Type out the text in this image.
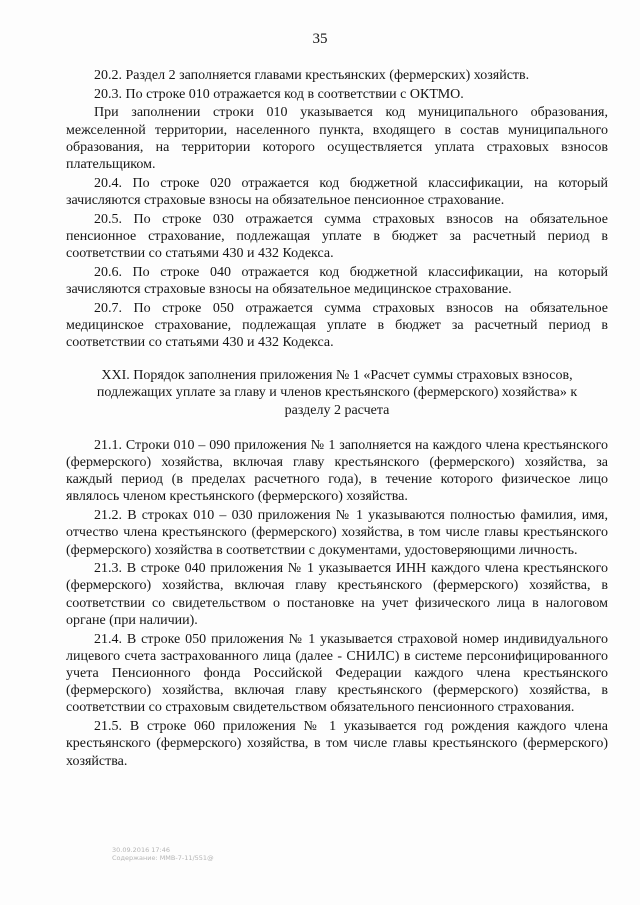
35

20.2. Раздел 2 заполняется главами крестьянских (фермерских) хозяйств.

20.3. По строке 010 отражается код в соответствии с ОКТМО.

При заполнении строки 010 указывается код муниципального образования, межселенной территории, населенного пункта, входящего в состав муниципального образования, на территории которого осуществляется уплата страховых взносов плательщиком.

20.4. По строке 020 отражается код бюджетной классификации, на который зачисляются страховые взносы на обязательное пенсионное страхование.

20.5. По строке 030 отражается сумма страховых взносов на обязательное пенсионное страхование, подлежащая уплате в бюджет за расчетный период в соответствии со статьями 430 и 432 Кодекса.

20.6. По строке 040 отражается код бюджетной классификации, на который зачисляются страховые взносы на обязательное медицинское страхование.

20.7. По строке 050 отражается сумма страховых взносов на обязательное медицинское страхование, подлежащая уплате в бюджет за расчетный период в соответствии со статьями 430 и 432 Кодекса.

XXI. Порядок заполнения приложения № 1 «Расчет суммы страховых взносов,
подлежащих уплате за главу и членов крестьянского (фермерского) хозяйства» к
разделу 2 расчета

21.1. Строки 010 – 090 приложения № 1 заполняется на каждого члена крестьянского (фермерского) хозяйства, включая главу крестьянского (фермерского) хозяйства, за каждый период (в пределах расчетного года), в течение которого физическое лицо являлось членом крестьянского (фермерского) хозяйства.

21.2. В строках 010 – 030 приложения № 1 указываются полностью фамилия, имя, отчество члена крестьянского (фермерского) хозяйства, в том числе главы крестьянского (фермерского) хозяйства в соответствии с документами, удостоверяющими личность.

21.3. В строке 040 приложения № 1 указывается ИНН каждого члена крестьянского (фермерского) хозяйства, включая главу крестьянского (фермерского) хозяйства, в соответствии со свидетельством о постановке на учет физического лица в налоговом органе (при наличии).

21.4. В строке 050 приложения № 1 указывается страховой номер индивидуального лицевого счета застрахованного лица (далее - СНИЛС) в системе персонифицированного учета Пенсионного фонда Российской Федерации каждого члена крестьянского (фермерского) хозяйства, включая главу крестьянского (фермерского) хозяйства, в соответствии со страховым свидетельством обязательного пенсионного страхования.

21.5. В строке 060 приложения № 1 указывается год рождения каждого члена крестьянского (фермерского) хозяйства, в том числе главы крестьянского (фермерского) хозяйства.

30.09.2016 17:46
Содержание: ММВ-7-11/551@
